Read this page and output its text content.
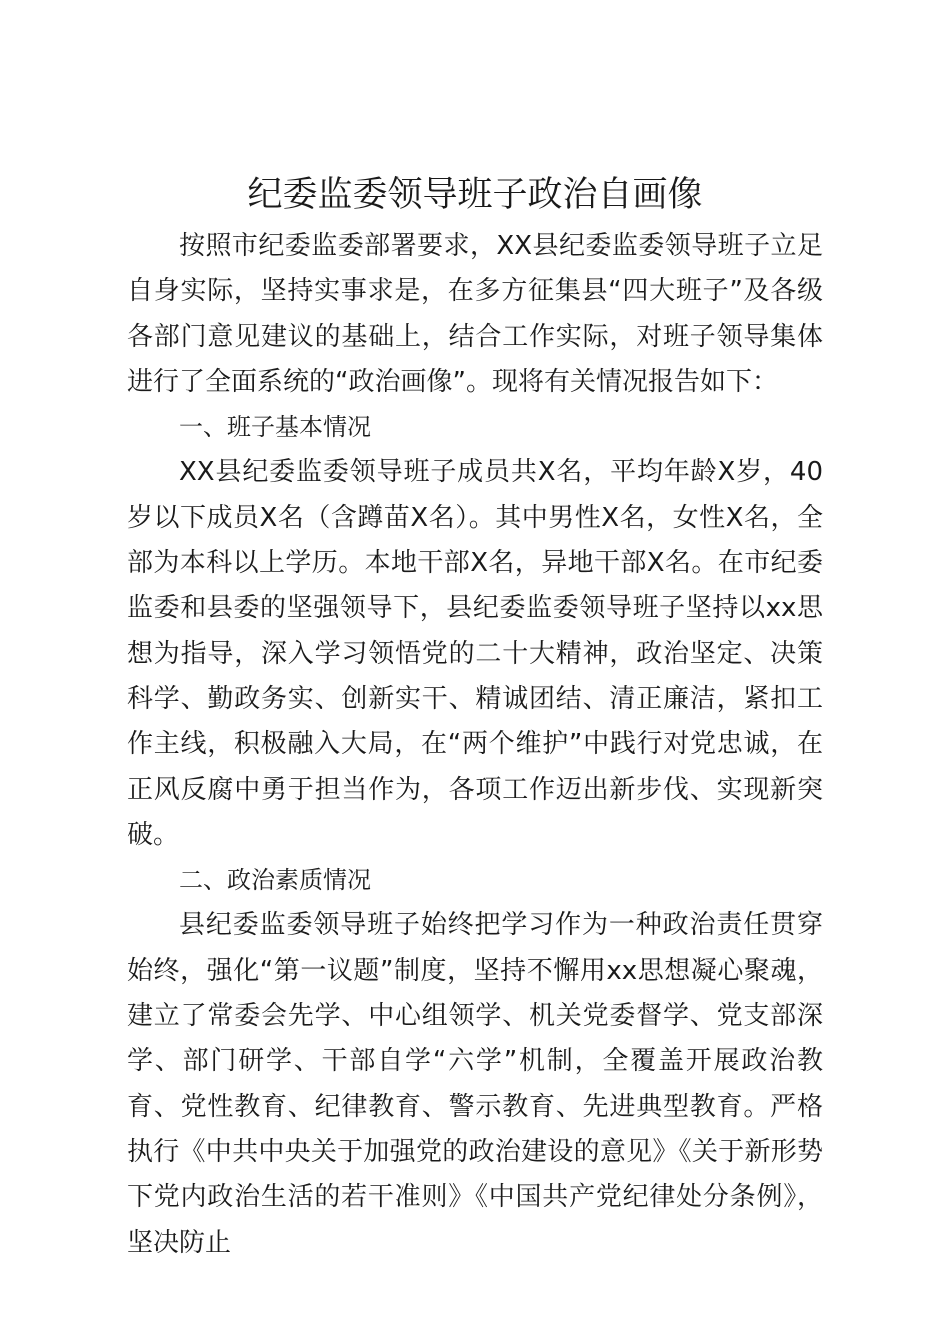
纪委监委领导班子政治自画像

按照市纪委监委部署要求，XX县纪委监委领导班子立足自身实际，坚持实事求是，在多方征集县“四大班子”及各级各部门意见建议的基础上，结合工作实际，对班子领导集体进行了全面系统的“政治画像”。现将有关情况报告如下：

一、班子基本情况

XX县纪委监委领导班子成员共X名，平均年龄X岁，40岁以下成员X名（含蹲苗X名）。其中男性X名，女性X名，全部为本科以上学历。本地干部X名，异地干部X名。在市纪委监委和县委的坚强领导下，县纪委监委领导班子坚持以xx思想为指导，深入学习领悟党的二十大精神，政治坚定、决策科学、勤政务实、创新实干、精诚团结、清正廉洁，紧扣工作主线，积极融入大局，在“两个维护”中践行对党忠诚，在正风反腐中勇于担当作为，各项工作迈出新步伐、实现新突破。

二、政治素质情况

县纪委监委领导班子始终把学习作为一种政治责任贯穿始终，强化“第一议题”制度，坚持不懈用xx思想凝心聚魂，建立了常委会先学、中心组领学、机关党委督学、党支部深学、部门研学、干部自学“六学”机制，全覆盖开展政治教育、党性教育、纪律教育、警示教育、先进典型教育。严格执行《中共中央关于加强党的政治建设的意见》《关于新形势下党内政治生活的若干准则》《中国共产党纪律处分条例》，坚决防止
